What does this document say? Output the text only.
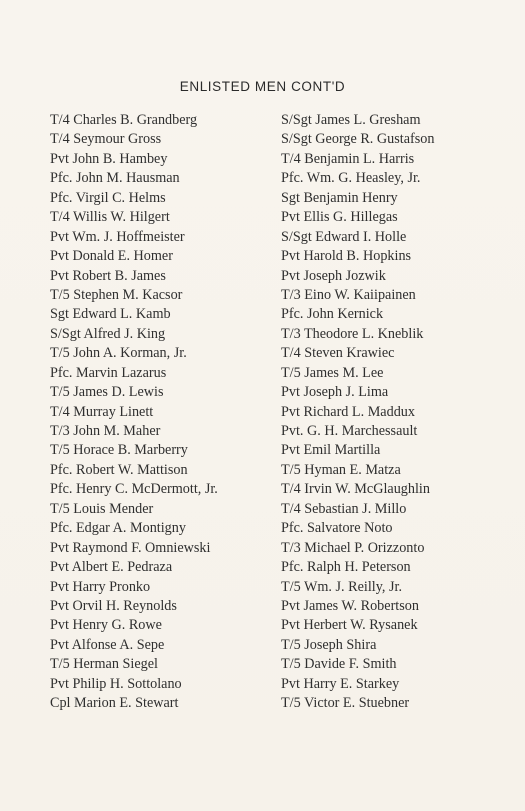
ENLISTED MEN CONT'D
T/4 Charles B. Grandberg
T/4 Seymour Gross
Pvt John B. Hambey
Pfc. John M. Hausman
Pfc. Virgil C. Helms
T/4 Willis W. Hilgert
Pvt Wm. J. Hoffmeister
Pvt Donald E. Homer
Pvt Robert B. James
T/5 Stephen M. Kacsor
Sgt Edward L. Kamb
S/Sgt Alfred J. King
T/5 John A. Korman, Jr.
Pfc. Marvin Lazarus
T/5 James D. Lewis
T/4 Murray Linett
T/3 John M. Maher
T/5 Horace B. Marberry
Pfc. Robert W. Mattison
Pfc. Henry C. McDermott, Jr.
T/5 Louis Mender
Pfc. Edgar A. Montigny
Pvt Raymond F. Omniewski
Pvt Albert E. Pedraza
Pvt Harry Pronko
Pvt Orvil H. Reynolds
Pvt Henry G. Rowe
Pvt Alfonse A. Sepe
T/5 Herman Siegel
Pvt Philip H. Sottolano
Cpl Marion E. Stewart
S/Sgt James L. Gresham
S/Sgt George R. Gustafson
T/4 Benjamin L. Harris
Pfc. Wm. G. Heasley, Jr.
Sgt Benjamin Henry
Pvt Ellis G. Hillegas
S/Sgt Edward I. Holle
Pvt Harold B. Hopkins
Pvt Joseph Jozwik
T/3 Eino W. Kaiipainen
Pfc. John Kernick
T/3 Theodore L. Kneblik
T/4 Steven Krawiec
T/5 James M. Lee
Pvt Joseph J. Lima
Pvt Richard L. Maddux
Pvt. G. H. Marchessault
Pvt Emil Martilla
T/5 Hyman E. Matza
T/4 Irvin W. McGlaughlin
T/4 Sebastian J. Millo
Pfc. Salvatore Noto
T/3 Michael P. Orizzonto
Pfc. Ralph H. Peterson
T/5 Wm. J. Reilly, Jr.
Pvt James W. Robertson
Pvt Herbert W. Rysanek
T/5 Joseph Shira
T/5 Davide F. Smith
Pvt Harry E. Starkey
T/5 Victor E. Stuebner
